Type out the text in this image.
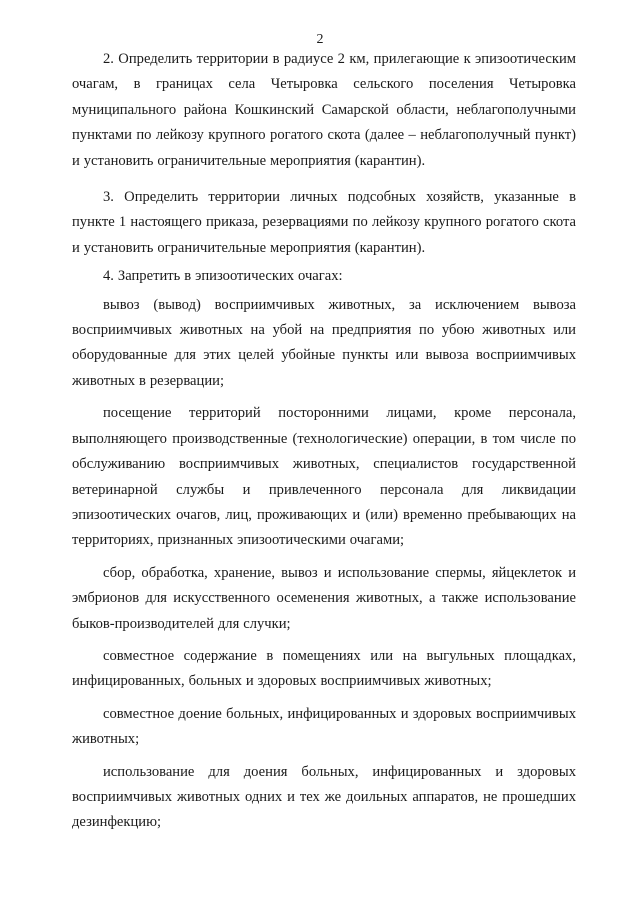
2

2. Определить территории в радиусе 2 км, прилегающие к эпизоотическим очагам, в границах села Четыровка сельского поселения Четыровка муниципального района Кошкинский Самарской области, неблагополучными пунктами по лейкозу крупного рогатого скота (далее – неблагополучный пункт) и установить ограничительные мероприятия (карантин).

3. Определить территории личных подсобных хозяйств, указанные в пункте 1 настоящего приказа, резервациями по лейкозу крупного рогатого скота и установить ограничительные мероприятия (карантин).

4. Запретить в эпизоотических очагах:

вывоз (вывод) восприимчивых животных, за исключением вывоза восприимчивых животных на убой на предприятия по убою животных или оборудованные для этих целей убойные пункты или вывоза восприимчивых животных в резервации;

посещение территорий посторонними лицами, кроме персонала, выполняющего производственные (технологические) операции, в том числе по обслуживанию восприимчивых животных, специалистов государственной ветеринарной службы и привлеченного персонала для ликвидации эпизоотических очагов, лиц, проживающих и (или) временно пребывающих на территориях, признанных эпизоотическими очагами;

сбор, обработка, хранение, вывоз и использование спермы, яйцеклеток и эмбрионов для искусственного осеменения животных, а также использование быков-производителей для случки;

совместное содержание в помещениях или на выгульных площадках, инфицированных, больных и здоровых восприимчивых животных;

совместное доение больных, инфицированных и здоровых восприимчивых животных;

использование для доения больных, инфицированных и здоровых восприимчивых животных одних и тех же доильных аппаратов, не прошедших дезинфекцию;
